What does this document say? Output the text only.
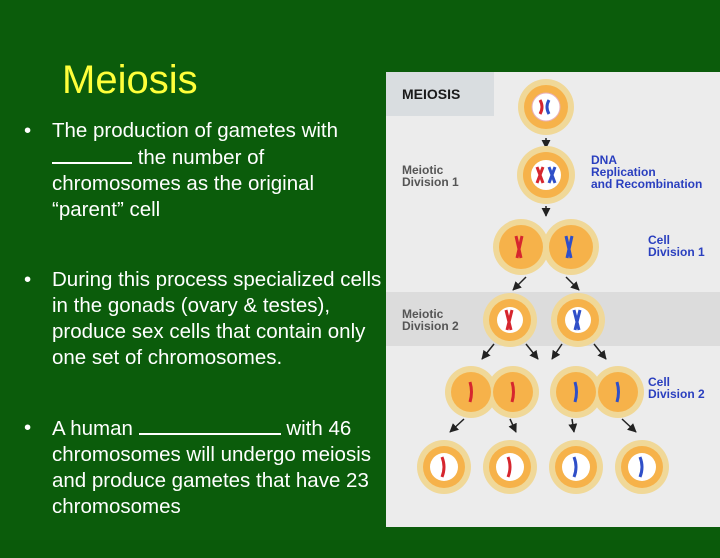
Meiosis
• The production of gametes with  the number of chromosomes as the original “parent” cell
• During this process specialized cells in the gonads (ovary & testes), produce sex cells that contain only one set of chromosomes.
• A human	with 46 chromosomes will undergo meiosis and produce gametes that have 23 chromosomes
MEIOSIS
Meiotic
Division 1
DNA
Replication
and Recombination
Cell
Division 1
Meiotic
Division 2
Cell
Division 2
